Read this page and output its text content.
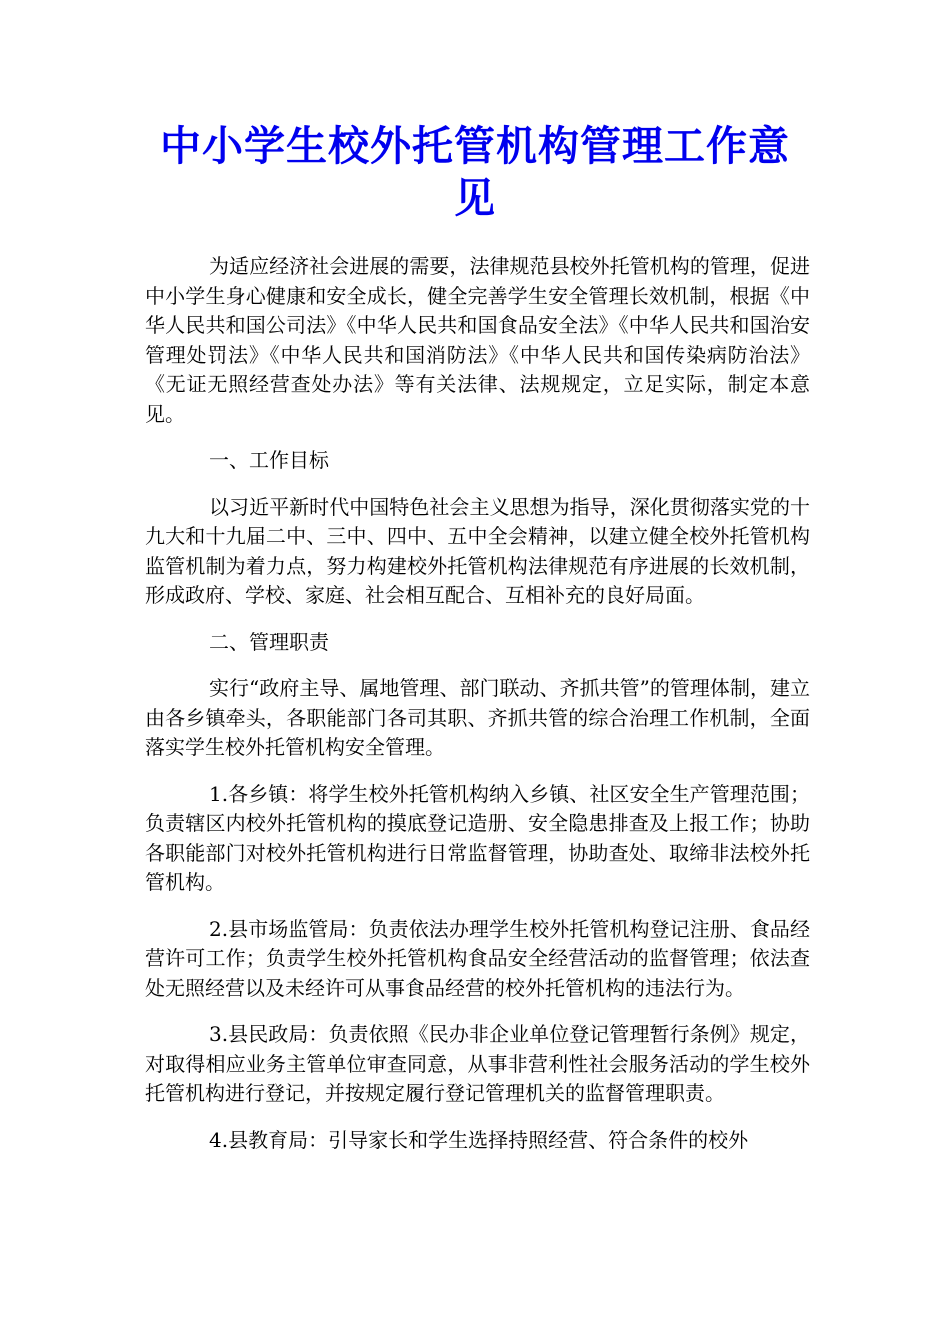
中小学生校外托管机构管理工作意
见

为适应经济社会进展的需要，法律规范县校外托管机构的管理，促进中小学生身心健康和安全成长，健全完善学生安全管理长效机制，根据《中华人民共和国公司法》《中华人民共和国食品安全法》《中华人民共和国治安管理处罚法》《中华人民共和国消防法》《中华人民共和国传染病防治法》《无证无照经营查处办法》等有关法律、法规规定，立足实际，制定本意见。

一、工作目标

以习近平新时代中国特色社会主义思想为指导，深化贯彻落实党的十九大和十九届二中、三中、四中、五中全会精神，以建立健全校外托管机构监管机制为着力点，努力构建校外托管机构法律规范有序进展的长效机制，形成政府、学校、家庭、社会相互配合、互相补充的良好局面。

二、管理职责

实行“政府主导、属地管理、部门联动、齐抓共管”的管理体制，建立由各乡镇牵头，各职能部门各司其职、齐抓共管的综合治理工作机制，全面落实学生校外托管机构安全管理。

1.各乡镇：将学生校外托管机构纳入乡镇、社区安全生产管理范围；负责辖区内校外托管机构的摸底登记造册、安全隐患排查及上报工作；协助各职能部门对校外托管机构进行日常监督管理，协助查处、取缔非法校外托管机构。

2.县市场监管局：负责依法办理学生校外托管机构登记注册、食品经营许可工作；负责学生校外托管机构食品安全经营活动的监督管理；依法查处无照经营以及未经许可从事食品经营的校外托管机构的违法行为。

3.县民政局：负责依照《民办非企业单位登记管理暂行条例》规定，对取得相应业务主管单位审查同意，从事非营利性社会服务活动的学生校外托管机构进行登记，并按规定履行登记管理机关的监督管理职责。

4.县教育局：引导家长和学生选择持照经营、符合条件的校外
